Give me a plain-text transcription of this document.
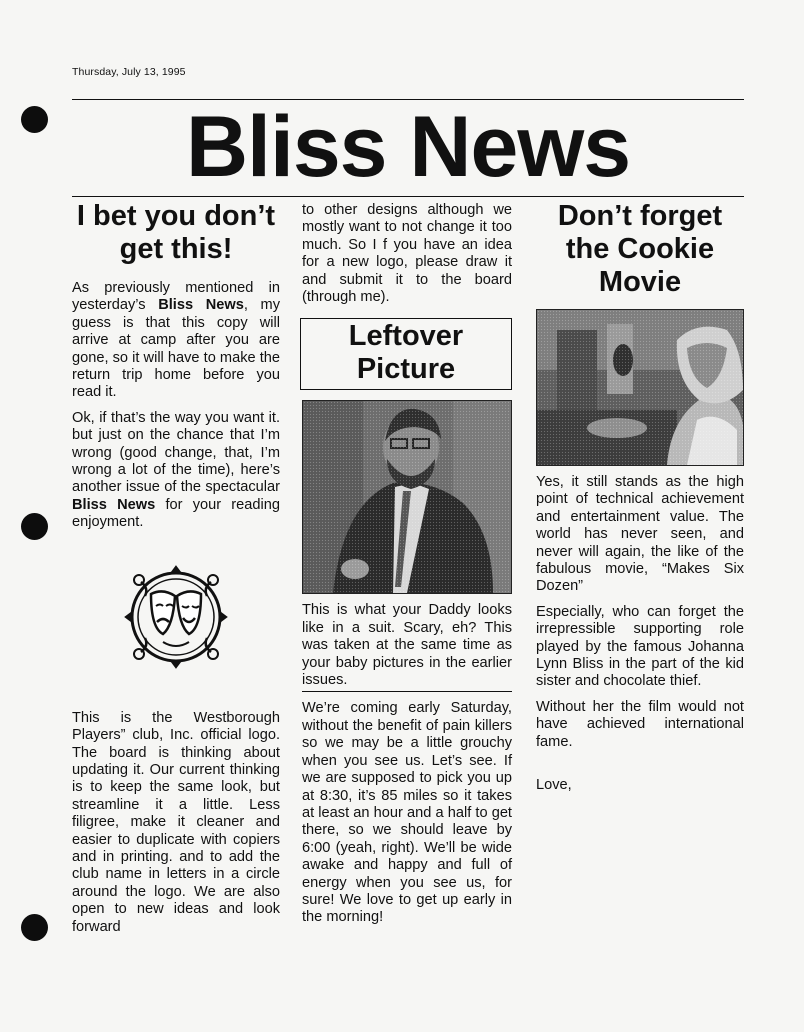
Thursday, July 13, 1995
Bliss News
I bet you don’t get this!

As previously mentioned in yesterday’s Bliss News, my guess is that this copy will arrive at camp after you are gone, so it will have to make the return trip home before you read it.

Ok, if that’s the way you want it. but just on the chance that I’m wrong (good change, that, I’m wrong a lot of the time), here’s another issue of the spectacular Bliss News for your reading enjoyment.

This is the Westborough Players” club, Inc. official logo. The board is thinking about updating it. Our current thinking is to keep the same look, but streamline it a little. Less filigree, make it cleaner and easier to duplicate with copiers and in printing. and to add the club name in letters in a circle around the logo. We are also open to new ideas and look forward

to other designs although we mostly want to not change it too much. So I f you have an idea for a new logo, please draw it and submit it to the board (through me).

Leftover Picture

This is what your Daddy looks like in a suit. Scary, eh? This was taken at the same time as your baby pictures in the earlier issues.

We’re coming early Saturday, without the benefit of pain killers so we may be a little grouchy when you see us. Let’s see. If we are supposed to pick you up at 8:30, it’s 85 miles so it takes at least an hour and a half to get there, so we should leave by 6:00 (yeah, right). We’ll be wide awake and happy and full of energy when you see us, for sure! We love to get up early in the morning!

Don’t forget the Cookie Movie

Yes, it still stands as the high point of technical achievement and entertainment value. The world has never seen, and never will again, the like of the fabulous movie, “Makes Six Dozen”

Especially, who can forget the irrepressible supporting role played by the famous Johanna Lynn Bliss in the part of the kid sister and chocolate thief.

Without her the film would not have achieved international fame.

Love,
